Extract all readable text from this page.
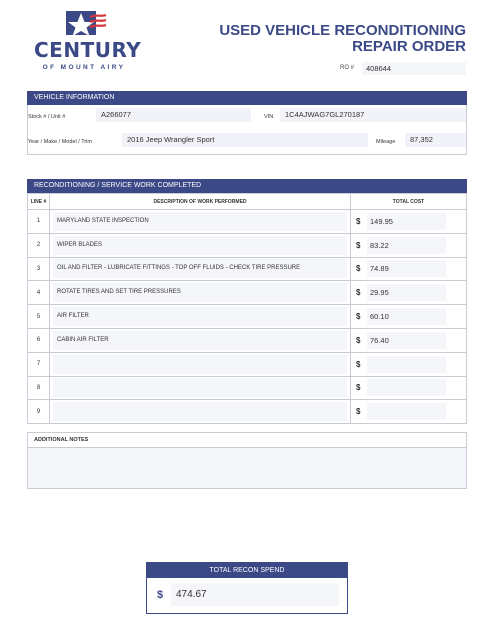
CENTURY
OF MOUNT AIRY
USED VEHICLE RECONDITIONING
REPAIR ORDER
RO #	408644
VEHICLE INFORMATION
Stock # / Unit #	A266077	VIN	1C4AJWAG7GL270187
Year / Make / Model / Trim	2016 Jeep Wrangler Sport	Mileage	87,352
RECONDITIONING / SERVICE WORK COMPLETED
LINE #	DESCRIPTION OF WORK PERFORMED	TOTAL COST
1	MARYLAND STATE INSPECTION	$ 149.95

2	WIPER BLADES	$ 83.22

3	OIL AND FILTER - LUBRICATE FITTINGS - TOP OFF FLUIDS - CHECK TIRE PRESSURE	$ 74.89

4	ROTATE TIRES AND SET TIRE PRESSURES	$ 29.95

5	AIR FILTER	$ 60.10

6	CABIN AIR FILTER	$ 76.40

7		$

8		$

9		$
ADDITIONAL NOTES
TOTAL RECON SPEND
$	474.67
